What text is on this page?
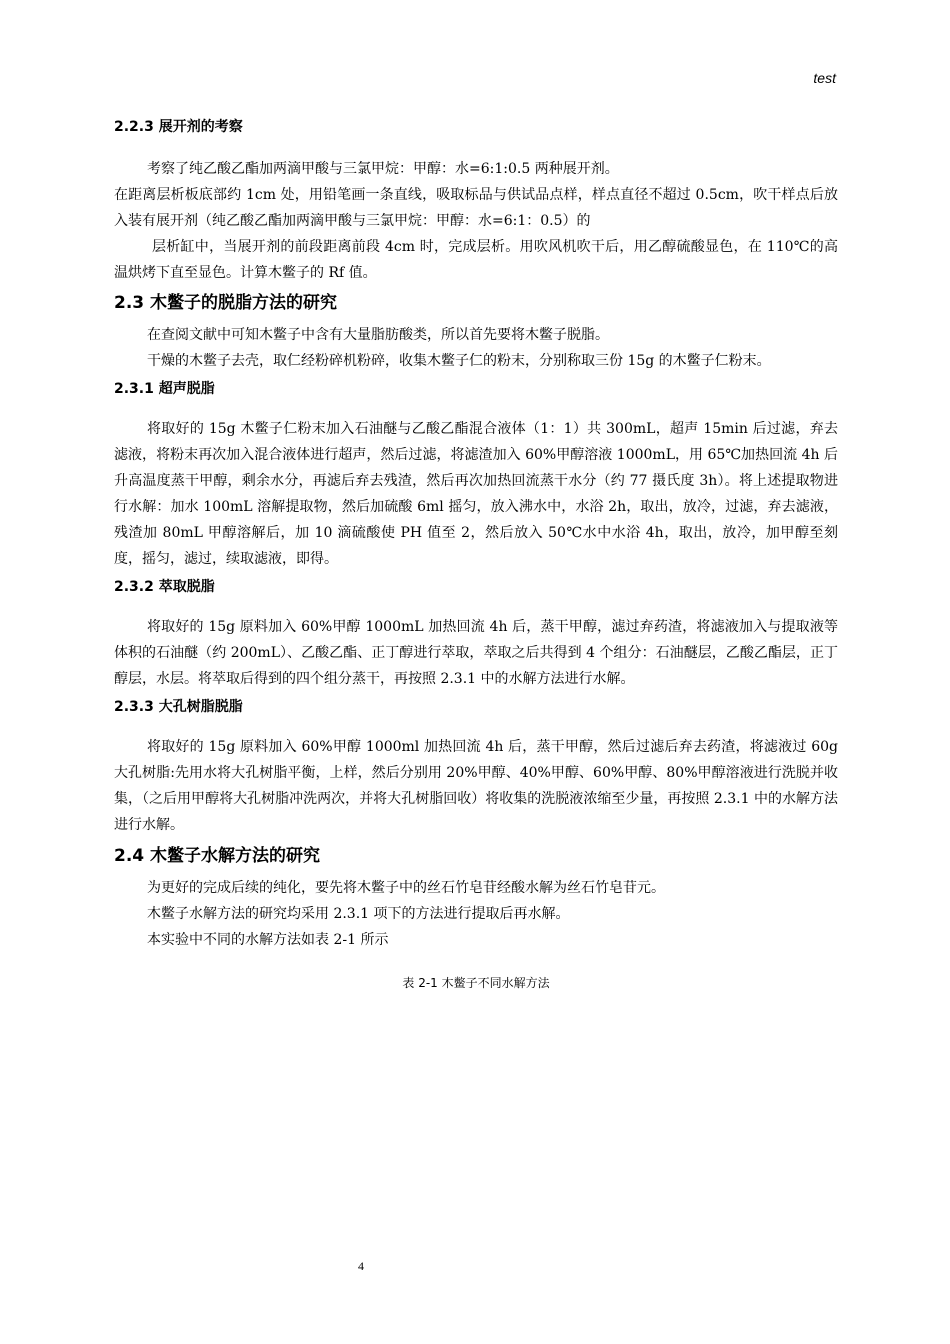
test

2.2.3 展开剂的考察

考察了纯乙酸乙酯加两滴甲酸与三氯甲烷：甲醇：水=6:1:0.5 两种展开剂。

在距离层析板底部约 1cm 处，用铅笔画一条直线，吸取标品与供试品点样，样点直径不超过 0.5cm，吹干样点后放入装有展开剂（纯乙酸乙酯加两滴甲酸与三氯甲烷：甲醇：水=6:1：0.5）的

层析缸中，当展开剂的前段距离前段 4cm 时，完成层析。用吹风机吹干后，用乙醇硫酸显色，在 110℃的高温烘烤下直至显色。计算木鳖子的 Rf 值。

2.3 木鳖子的脱脂方法的研究

在查阅文献中可知木鳖子中含有大量脂肪酸类，所以首先要将木鳖子脱脂。

干燥的木鳖子去壳，取仁经粉碎机粉碎，收集木鳖子仁的粉末，分别称取三份 15g 的木鳖子仁粉末。

2.3.1 超声脱脂

将取好的 15g 木鳖子仁粉末加入石油醚与乙酸乙酯混合液体（1：1）共 300mL，超声 15min 后过滤，弃去滤液，将粉末再次加入混合液体进行超声，然后过滤，将滤渣加入 60%甲醇溶液 1000mL，用 65℃加热回流 4h 后升高温度蒸干甲醇，剩余水分，再滤后弃去残渣，然后再次加热回流蒸干水分（约 77 摄氏度 3h）。将上述提取物进行水解：加水 100mL 溶解提取物，然后加硫酸 6ml 摇匀，放入沸水中，水浴 2h，取出，放冷，过滤，弃去滤液，残渣加 80mL 甲醇溶解后，加 10 滴硫酸使 PH 值至 2，然后放入 50℃水中水浴 4h，取出，放冷，加甲醇至刻度，摇匀，滤过，续取滤液，即得。

2.3.2 萃取脱脂

将取好的 15g 原料加入 60%甲醇 1000mL 加热回流 4h 后，蒸干甲醇，滤过弃药渣，将滤液加入与提取液等体积的石油醚（约 200mL）、乙酸乙酯、正丁醇进行萃取，萃取之后共得到 4 个组分：石油醚层，乙酸乙酯层，正丁醇层，水层。将萃取后得到的四个组分蒸干，再按照 2.3.1 中的水解方法进行水解。

2.3.3 大孔树脂脱脂

将取好的 15g 原料加入 60%甲醇 1000ml 加热回流 4h 后，蒸干甲醇，然后过滤后弃去药渣，将滤液过 60g 大孔树脂:先用水将大孔树脂平衡，上样，然后分别用 20%甲醇、40%甲醇、60%甲醇、80%甲醇溶液进行洗脱并收集，（之后用甲醇将大孔树脂冲洗两次，并将大孔树脂回收）将收集的洗脱液浓缩至少量，再按照 2.3.1 中的水解方法进行水解。

2.4 木鳖子水解方法的研究

为更好的完成后续的纯化，要先将木鳖子中的丝石竹皂苷经酸水解为丝石竹皂苷元。

木鳖子水解方法的研究均采用 2.3.1 项下的方法进行提取后再水解。

本实验中不同的水解方法如表 2-1 所示

表 2-1 木鳖子不同水解方法

4
